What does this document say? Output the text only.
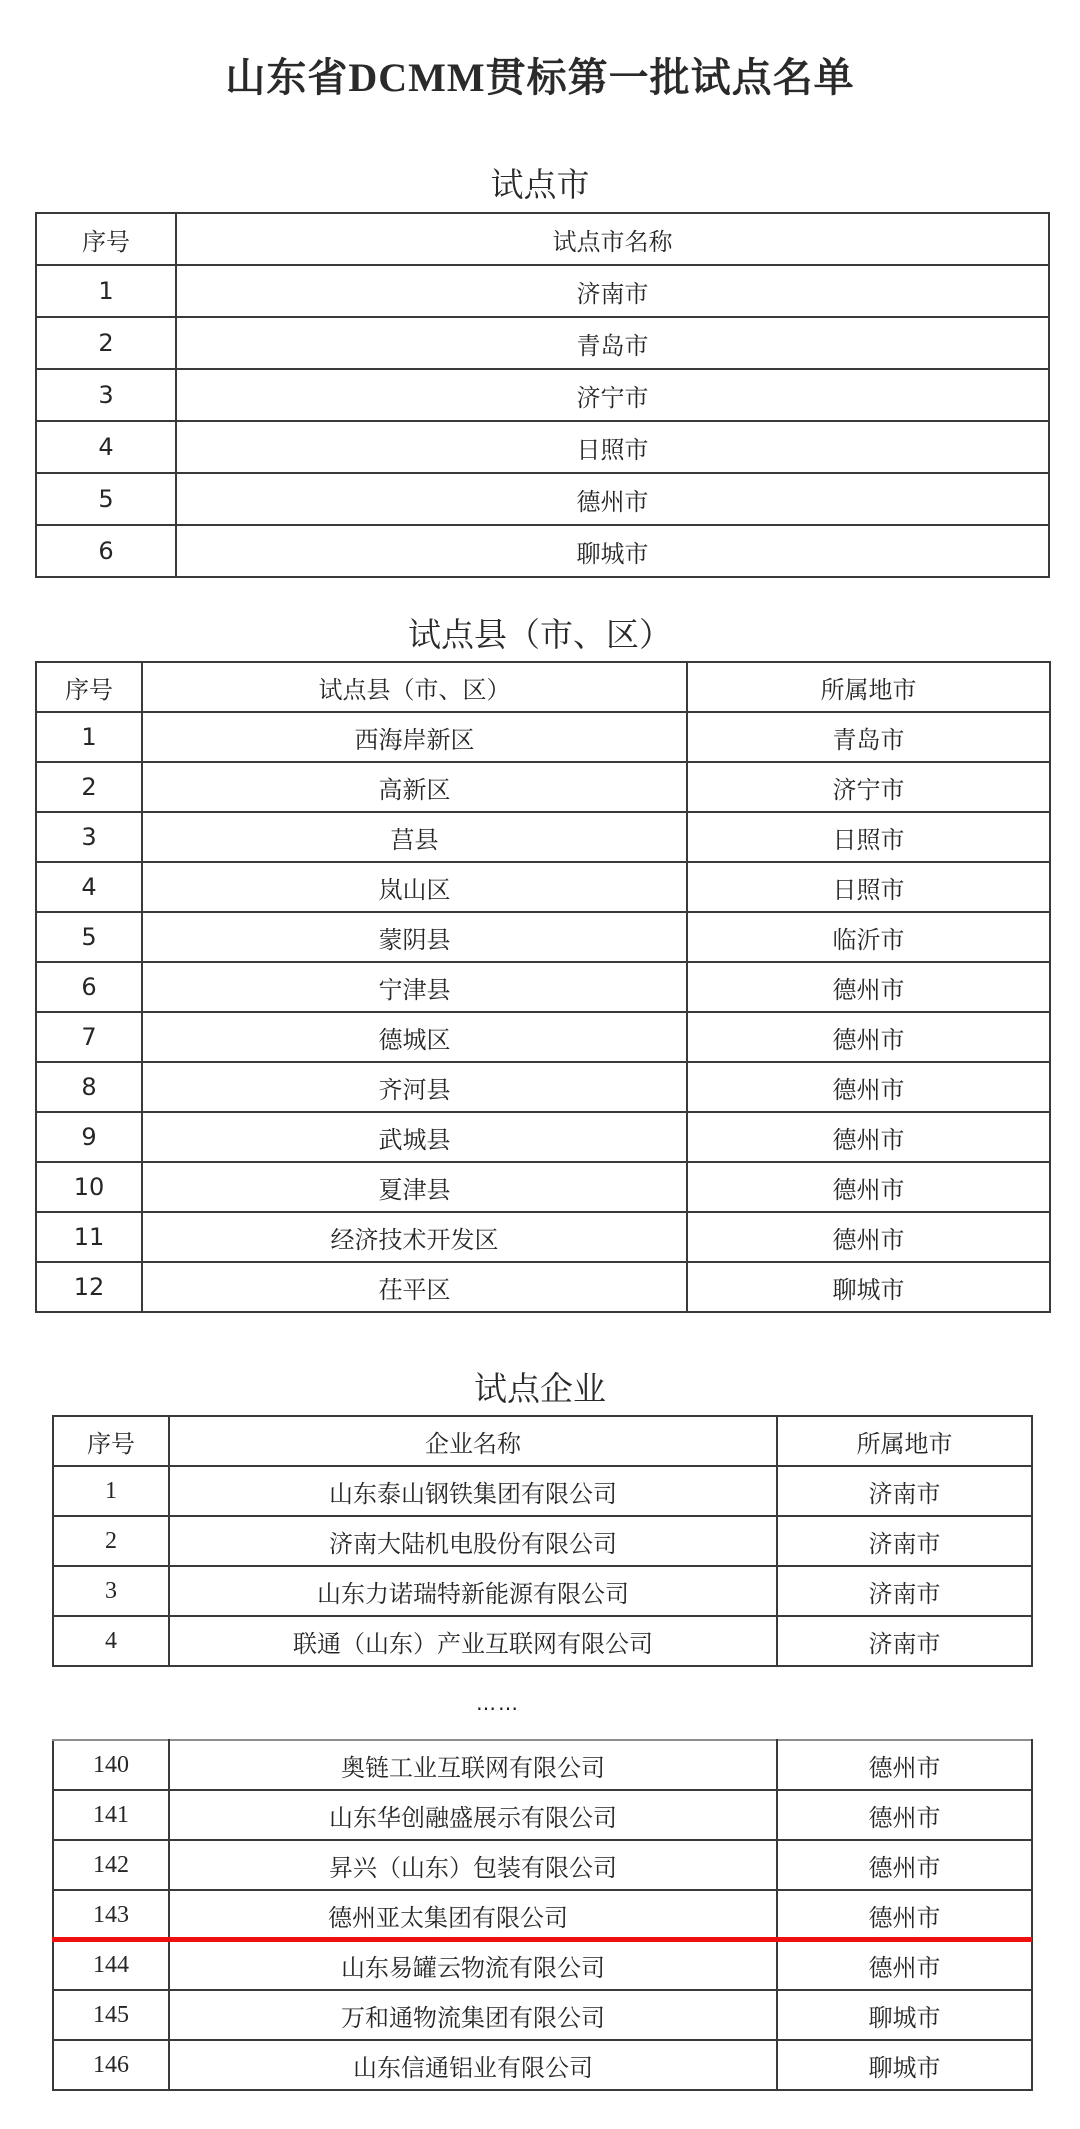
山东省DCMM贯标第一批试点名单
试点市
序号	试点市名称
1	济南市
2	青岛市
3	济宁市
4	日照市
5	德州市
6	聊城市
试点县（市、区）
序号	试点县（市、区）	所属地市
1	西海岸新区	青岛市
2	高新区	济宁市
3	莒县	日照市
4	岚山区	日照市
5	蒙阴县	临沂市
6	宁津县	德州市
7	德城区	德州市
8	齐河县	德州市
9	武城县	德州市
10	夏津县	德州市
11	经济技术开发区	德州市
12	茌平区	聊城市
试点企业
序号	企业名称	所属地市
1	山东泰山钢铁集团有限公司	济南市
2	济南大陆机电股份有限公司	济南市
3	山东力诺瑞特新能源有限公司	济南市
4	联通（山东）产业互联网有限公司	济南市
……
140	奥链工业互联网有限公司	德州市
141	山东华创融盛展示有限公司	德州市
142	昇兴（山东）包装有限公司	德州市
143	德州亚太集团有限公司	德州市
144	山东易罐云物流有限公司	德州市
145	万和通物流集团有限公司	聊城市
146	山东信通铝业有限公司	聊城市
